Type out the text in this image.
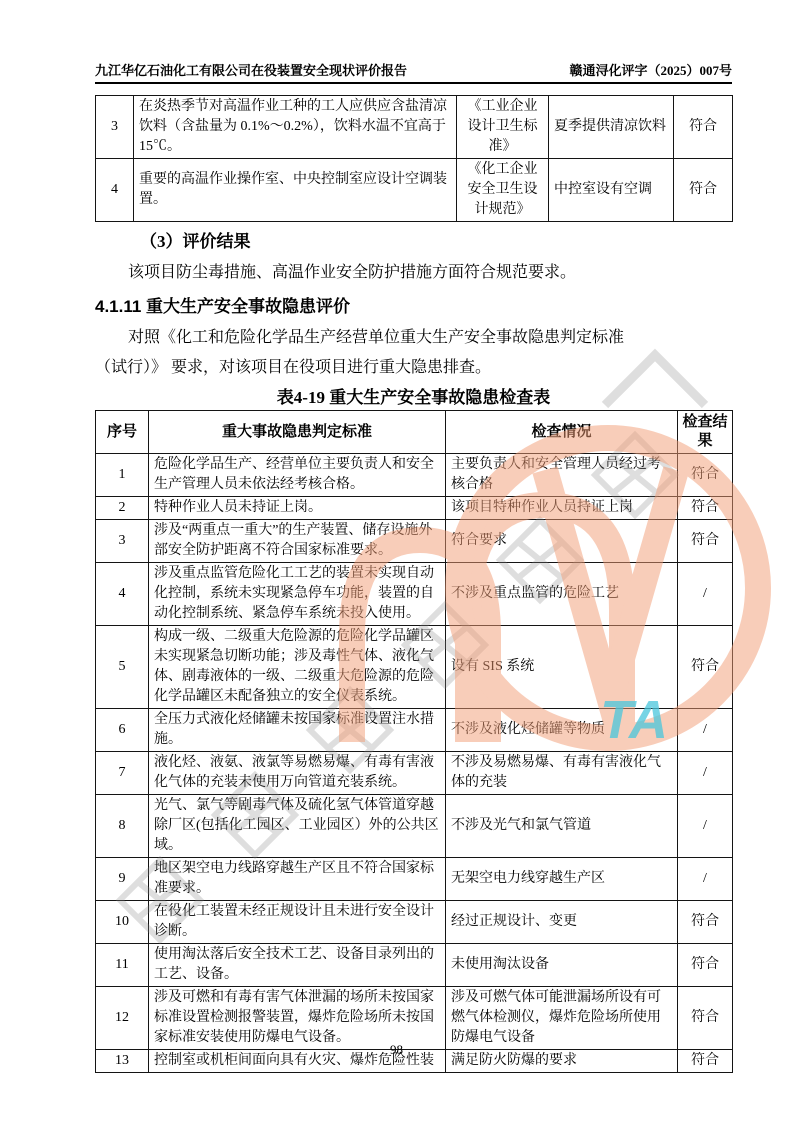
九江华亿石油化工有限公司在役装置安全现状评价报告	赣通浔化评字（2025）007号
3	在炎热季节对高温作业工种的工人应供应含盐清凉饮料（含盐量为 0.1%～0.2%），饮料水温不宜高于 15℃。	《工业企业设计卫生标准》	夏季提供清凉饮料	符合
4	重要的高温作业操作室、中央控制室应设计空调装置。	《化工企业安全卫生设计规范》	中控室设有空调	符合
（3）评价结果
该项目防尘毒措施、高温作业安全防护措施方面符合规范要求。
4.1.11 重大生产安全事故隐患评价
对照《化工和危险化学品生产经营单位重大生产安全事故隐患判定标准
（试行）》 要求，对该项目在役项目进行重大隐患排查。
表4-19 重大生产安全事故隐患检查表
序号	重大事故隐患判定标准	检查情况	检查结果
1	危险化学品生产、经营单位主要负责人和安全生产管理人员未依法经考核合格。	主要负责人和安全管理人员经过考核合格	符合
2	特种作业人员未持证上岗。	该项目特种作业人员持证上岗	符合
3	涉及“两重点一重大”的生产装置、储存设施外部安全防护距离不符合国家标准要求。	符合要求	符合
4	涉及重点监管危险化工工艺的装置未实现自动化控制，系统未实现紧急停车功能，装置的自动化控制系统、紧急停车系统未投入使用。	不涉及重点监管的危险工艺	/
5	构成一级、二级重大危险源的危险化学品罐区未实现紧急切断功能；涉及毒性气体、液化气体、剧毒液体的一级、二级重大危险源的危险化学品罐区未配备独立的安全仪表系统。	设有 SIS 系统	符合
6	全压力式液化烃储罐未按国家标准设置注水措施。	不涉及液化烃储罐等物质	/
7	液化烃、液氨、液氯等易燃易爆、有毒有害液化气体的充装未使用万向管道充装系统。	不涉及易燃易爆、有毒有害液化气体的充装	/
8	光气、氯气等剧毒气体及硫化氢气体管道穿越除厂区(包括化工园区、工业园区）外的公共区域。	不涉及光气和氯气管道	/
9	地区架空电力线路穿越生产区且不符合国家标准要求。	无架空电力线穿越生产区	/
10	在役化工装置未经正规设计且未进行安全设计诊断。	经过正规设计、变更	符合
11	使用淘汰落后安全技术工艺、设备目录列出的工艺、设备。	未使用淘汰设备	符合
12	涉及可燃和有毒有害气体泄漏的场所未按国家标准设置检测报警装置，爆炸危险场所未按国家标准安装使用防爆电气设备。	涉及可燃气体可能泄漏场所设有可燃气体检测仪，爆炸危险场所使用防爆电气设备	符合
13	控制室或机柜间面向具有火灾、爆炸危险性装	满足防火防爆的要求	符合
98
TA
